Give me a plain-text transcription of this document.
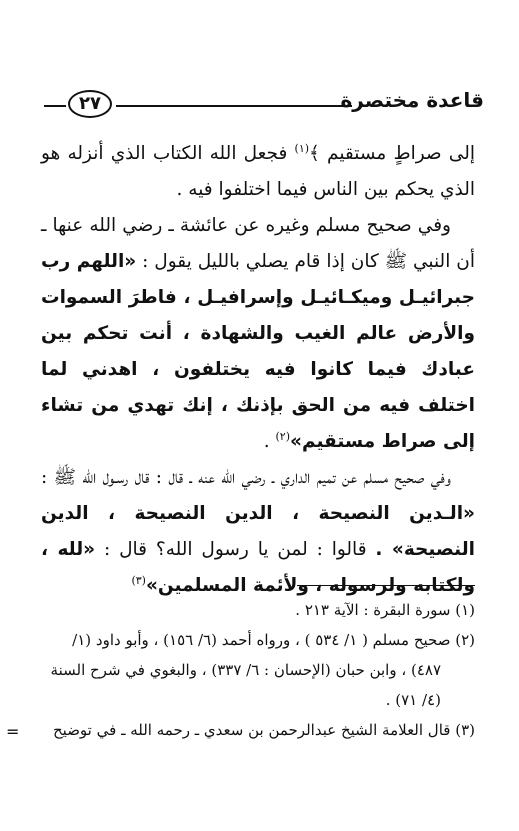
قاعدة مختصرة
٢٧

إلى صراطٍ مستقيم ﴾$^{(١)}$ فجعل الله الكتاب الذي أنزله هو الذي يحكم بين الناس فيما اختلفوا فيه .

وفي صحيح مسلم وغيره عن عائشة ـ رضي الله عنها ـ أن النبي ﷺ كان إذا قام يصلي بالليل يقول : «اللهم رب جبرائيـل وميكـائيـل وإسرافيـل ، فاطرَ السموات والأرض عالم الغيب والشهادة ، أنت تحكم بين عبادك فيما كانوا فيه يختلفون ، اهدني لما اختلف فيه من الحق بإذنك ، إنك تهدي من تشاء إلى صراط مستقيم»$^{(٢)}$ .

وفي صحيح مسلم عن تميم الداري ـ رضي الله عنه ـ قال : قال رسـول الله ﷺ : «الـدين النصيحة ، الدين النصيحة ، الدين النصيحة» . قالوا : لمن يا رسول الله؟ قال : «لله ، ولكتابه ولرسوله ، ولأئمة المسلمين»$^{(٣)}$

(١) سورة البقرة : الآية ٢١٣ .

(٢) صحيح مسلم ( ١/ ٥٣٤ ) ، ورواه أحمد (٦/ ١٥٦) ، وأبو داود (١/ ٤٨٧) ، وابن حبان (الإحسان : ٦/ ٣٣٧) ، والبغوي في شرح السنة (٤/ ٧١) .

(٣) قال العلامة الشيخ عبدالرحمن بن سعدي ـ رحمه الله ـ في توضيح

=
